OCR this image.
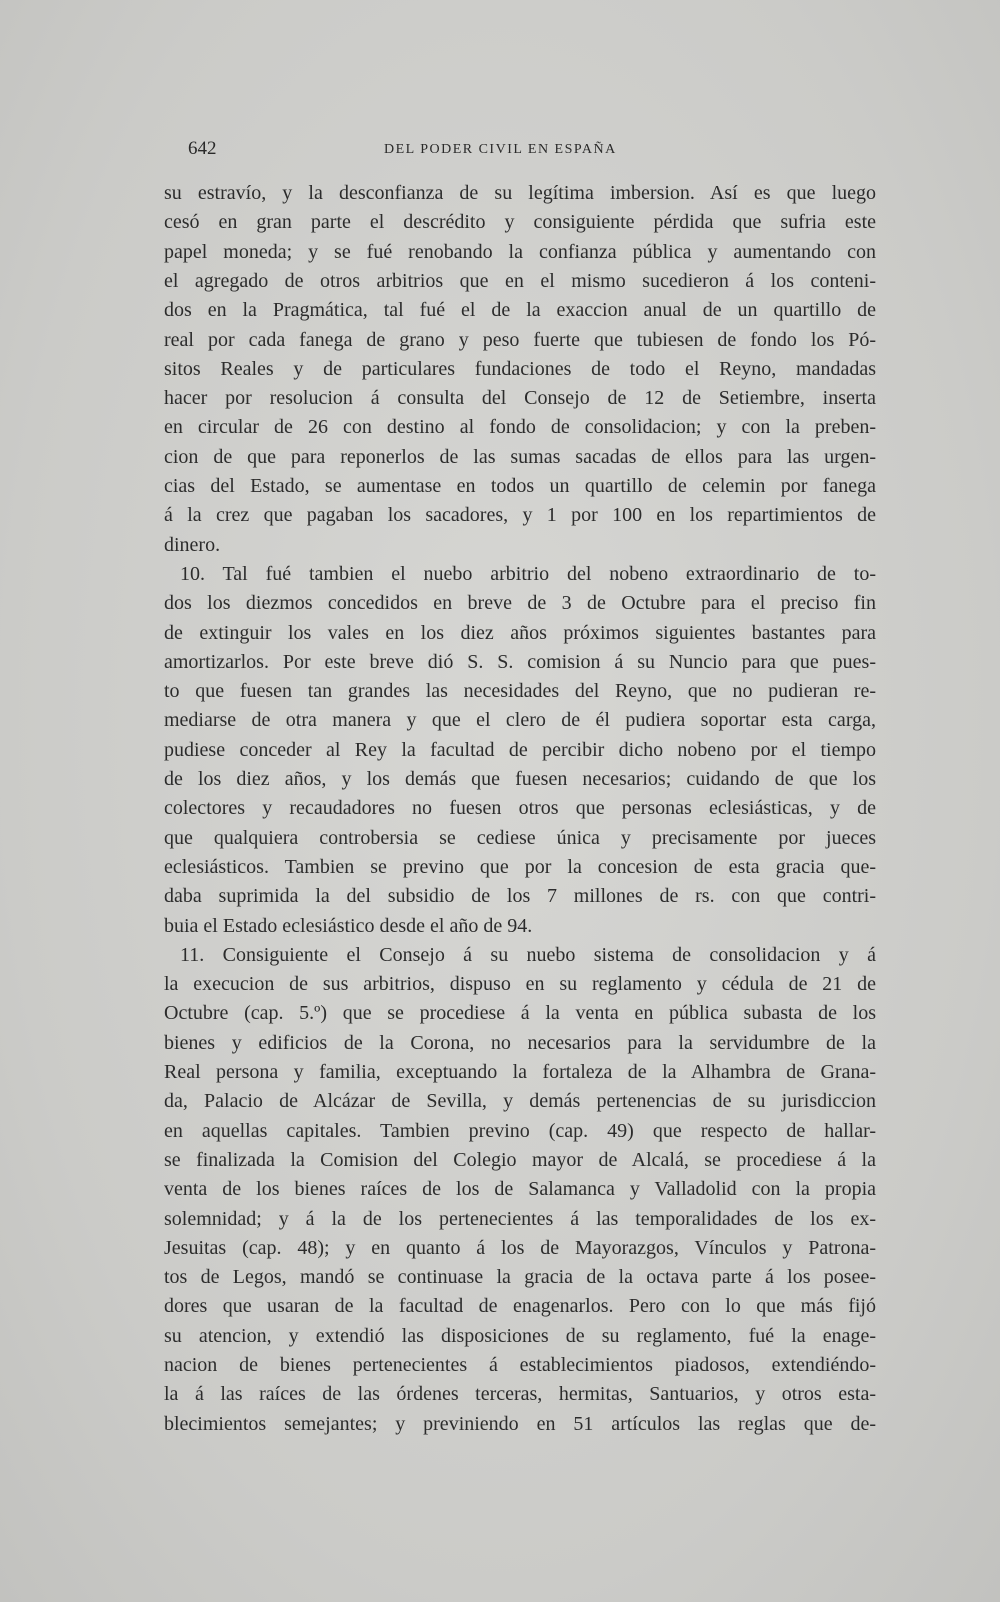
642	DEL PODER CIVIL EN ESPAÑA
su estravío, y la desconfianza de su legítima imbersion. Así es que luego
cesó en gran parte el descrédito y consiguiente pérdida que sufria este
papel moneda; y se fué renobando la confianza pública y aumentando con
el agregado de otros arbitrios que en el mismo sucedieron á los conteni-
dos en la Pragmática, tal fué el de la exaccion anual de un quartillo de
real por cada fanega de grano y peso fuerte que tubiesen de fondo los Pó-
sitos Reales y de particulares fundaciones de todo el Reyno, mandadas
hacer por resolucion á consulta del Consejo de 12 de Setiembre, inserta
en circular de 26 con destino al fondo de consolidacion; y con la preben-
cion de que para reponerlos de las sumas sacadas de ellos para las urgen-
cias del Estado, se aumentase en todos un quartillo de celemin por fanega
á la crez que pagaban los sacadores, y 1 por 100 en los repartimientos de
dinero.
10. Tal fué tambien el nuebo arbitrio del nobeno extraordinario de to-
dos los diezmos concedidos en breve de 3 de Octubre para el preciso fin
de extinguir los vales en los diez años próximos siguientes bastantes para
amortizarlos. Por este breve dió S. S. comision á su Nuncio para que pues-
to que fuesen tan grandes las necesidades del Reyno, que no pudieran re-
mediarse de otra manera y que el clero de él pudiera soportar esta carga,
pudiese conceder al Rey la facultad de percibir dicho nobeno por el tiempo
de los diez años, y los demás que fuesen necesarios; cuidando de que los
colectores y recaudadores no fuesen otros que personas eclesiásticas, y de
que qualquiera controbersia se cediese única y precisamente por jueces
eclesiásticos. Tambien se previno que por la concesion de esta gracia que-
daba suprimida la del subsidio de los 7 millones de rs. con que contri-
buia el Estado eclesiástico desde el año de 94.
11. Consiguiente el Consejo á su nuebo sistema de consolidacion y á
la execucion de sus arbitrios, dispuso en su reglamento y cédula de 21 de
Octubre (cap. 5.º) que se procediese á la venta en pública subasta de los
bienes y edificios de la Corona, no necesarios para la servidumbre de la
Real persona y familia, exceptuando la fortaleza de la Alhambra de Grana-
da, Palacio de Alcázar de Sevilla, y demás pertenencias de su jurisdiccion
en aquellas capitales. Tambien previno (cap. 49) que respecto de hallar-
se finalizada la Comision del Colegio mayor de Alcalá, se procediese á la
venta de los bienes raíces de los de Salamanca y Valladolid con la propia
solemnidad; y á la de los pertenecientes á las temporalidades de los ex-
Jesuitas (cap. 48); y en quanto á los de Mayorazgos, Vínculos y Patrona-
tos de Legos, mandó se continuase la gracia de la octava parte á los posee-
dores que usaran de la facultad de enagenarlos. Pero con lo que más fijó
su atencion, y extendió las disposiciones de su reglamento, fué la enage-
nacion de bienes pertenecientes á establecimientos piadosos, extendiéndo-
la á las raíces de las órdenes terceras, hermitas, Santuarios, y otros esta-
blecimientos semejantes; y previniendo en 51 artículos las reglas que de-
